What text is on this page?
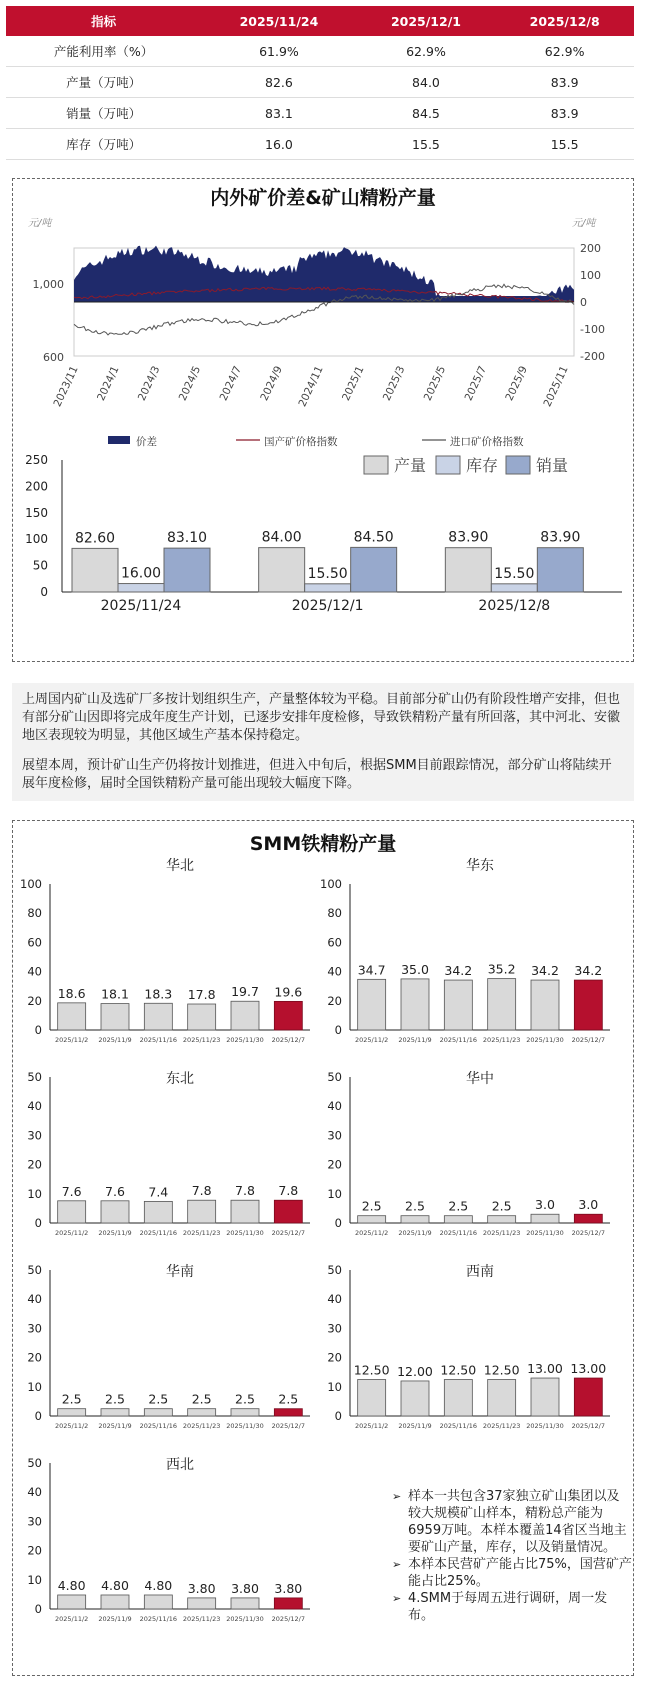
指标	2025/11/24	2025/12/1	2025/12/8
产能利用率（%）	61.9%	62.9%	62.9%
产量（万吨）	82.6	84.0	83.9
销量（万吨）	83.1	84.5	83.9
库存（万吨）	16.0	15.5	15.5
内外矿价差&矿山精粉产量
元/吨	元/吨
1,000
600
200
100
0
-100
-200
2023/11 2024/1 2024/3 2024/5 2024/7 2024/9 2024/11 2025/1 2025/3 2025/5 2025/7 2025/9 2025/11
价差	国产矿价格指数	进口矿价格指数
250
200
150
100
50
0
产量 库存 销量
82.60
16.00
83.10
2025/11/24
84.00
15.50
84.50
2025/12/1
83.90
15.50
83.90
2025/12/8

上周国内矿山及选矿厂多按计划组织生产，产量整体较为平稳。目前部分矿山仍有阶段性增产安排，但也有部分矿山因即将完成年度生产计划，已逐步安排年度检修，导致铁精粉产量有所回落，其中河北、安徽地区表现较为明显，其他区域生产基本保持稳定。

展望本周，预计矿山生产仍将按计划推进，但进入中旬后，根据SMM目前跟踪情况，部分矿山将陆续开展年度检修，届时全国铁精粉产量可能出现较大幅度下降。

SMM铁精粉产量
100
80
60
40
20
0
华北
18.6
2025/11/2
18.1
2025/11/9
18.3
2025/11/16
17.8
2025/11/23
19.7
2025/11/30
19.6
2025/12/7
100
80
60
40
20
0
华东
34.7
2025/11/2
35.0
2025/11/9
34.2
2025/11/16
35.2
2025/11/23
34.2
2025/11/30
34.2
2025/12/7
50
40
30
20
10
0
东北
7.6
2025/11/2
7.6
2025/11/9
7.4
2025/11/16
7.8
2025/11/23
7.8
2025/11/30
7.8
2025/12/7
50
40
30
20
10
0
华中
2.5
2025/11/2
2.5
2025/11/9
2.5
2025/11/16
2.5
2025/11/23
3.0
2025/11/30
3.0
2025/12/7
50
40
30
20
10
0
华南
2.5
2025/11/2
2.5
2025/11/9
2.5
2025/11/16
2.5
2025/11/23
2.5
2025/11/30
2.5
2025/12/7
50
40
30
20
10
0
西南
12.50
2025/11/2
12.00
2025/11/9
12.50
2025/11/16
12.50
2025/11/23
13.00
2025/11/30
13.00
2025/12/7
50
40
30
20
10
0
西北
4.80
2025/11/2
4.80
2025/11/9
4.80
2025/11/16
3.80
2025/11/23
3.80
2025/11/30
3.80
2025/12/7
➢ 样本一共包含37家独立矿山集团以及较大规模矿山样本，精粉总产能为6959万吨。本样本覆盖14省区当地主要矿山产量，库存，以及销量情况。
➢ 本样本民营矿产能占比75%，国营矿产能占比25%。
➢ 4.SMM于每周五进行调研，周一发布。
